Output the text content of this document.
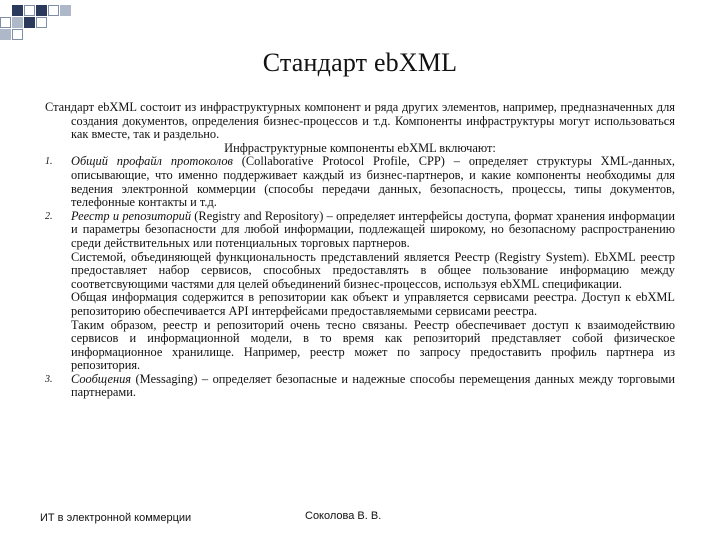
Стандарт ebXML

Стандарт ebXML состоит из инфраструктурных компонент и ряда других элементов, например, предназначенных для создания документов, определения бизнес-процессов и т.д. Компоненты инфраструктуры могут использоваться как вместе, так и раздельно.

Инфраструктурные компоненты ebXML включают:

1. Общий профайл протоколов (Collaborative Protocol Profile, CPP) – определяет структуры XML-данных, описывающие, что именно поддерживает каждый из бизнес-партнеров, и какие компоненты необходимы для ведения электронной коммерции (способы передачи данных, безопасность, процессы, типы документов, телефонные контакты и т.д.

2. Реестр и репозиторий (Registry and Repository) – определяет интерфейсы доступа, формат хранения информации и параметры безопасности для любой информации, подлежащей широкому, но безопасному распространению среди действительных или потенциальных торговых партнеров.

Системой, объединяющей функциональность представлений является Реестр (Registry System). EbXML реестр предоставляет набор сервисов, способных предоставлять в общее пользование информацию между соответсвующими частями для целей объединений бизнес-процессов, используя ebXML спецификации.

Общая информация содержится в репозитории как объект и управляется сервисами реестра. Доступ к ebXML репозиторию обеспечивается API интерфейсами предоставляемыми сервисами реестра.

Таким образом, реестр и репозиторий очень тесно связаны. Реестр обеспечивает доступ к взаимодействию сервисов и информационной модели, в то время как репозиторий представляет собой физическое информационное хранилище. Например, реестр может по запросу предоставить профиль партнера из репозитория.

3. Сообщения (Messaging) – определяет безопасные и надежные способы перемещения данных между торговыми партнерами.

ИТ в электронной коммерции	Соколова В. В.
